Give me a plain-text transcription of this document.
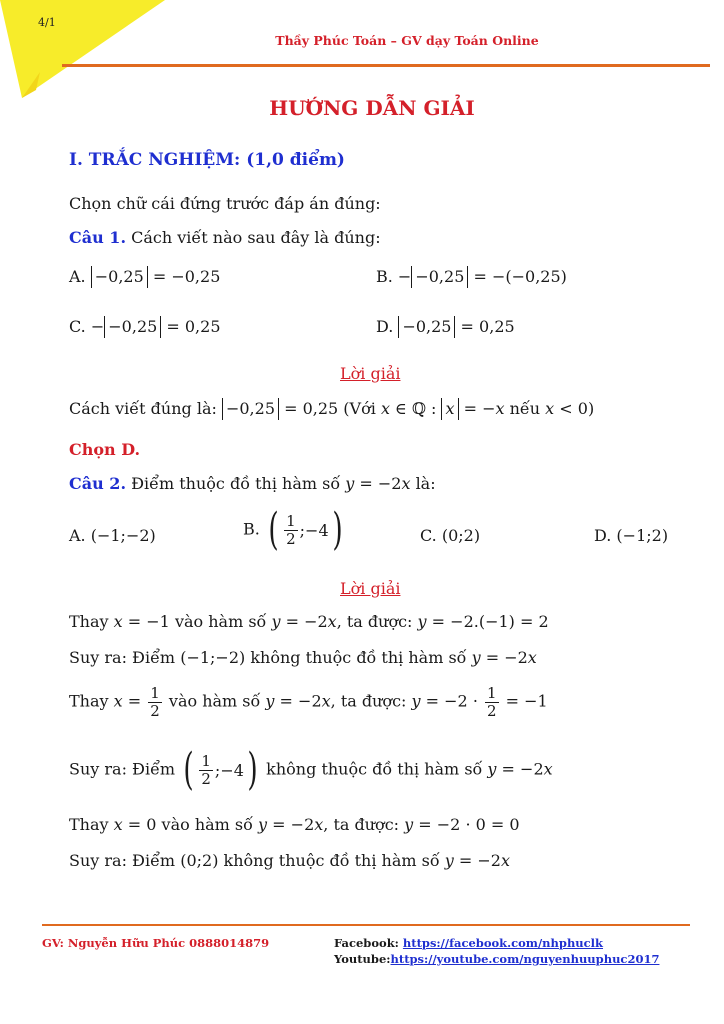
4/1
Thầy Phúc Toán – GV dạy Toán Online
HƯỚNG DẪN GIẢI
I. TRẮC NGHIỆM: (1,0 điểm)
Chọn chữ cái đứng trước đáp án đúng:
Câu 1. Cách viết nào sau đây là đúng:
A. −0,25 = −0,25	B. − −0,25 = −(−0,25)
C. − −0,25 = 0,25	D. −0,25 = 0,25
Lời giải
Cách viết đúng là: −0,25 = 0,25 (Với x ∈ ℚ : x = −x nếu x < 0)
Chọn D.
Câu 2. Điểm thuộc đồ thị hàm số y = −2x là:
A. (−1;−2)	B. ( $\frac{1}{2}$ ;−4 )	C. (0;2)	D. (−1;2)
Lời giải
Thay x = −1 vào hàm số y = −2x, ta được: y = −2.(−1) = 2
Suy ra: Điểm (−1;−2) không thuộc đồ thị hàm số y = −2x
Thay $x = \frac{1}{2}$ vào hàm số y = −2x, ta được: $y = -2 \cdot \frac{1}{2} = -1$
Suy ra: Điểm ( $\frac{1}{2}$ ;−4 ) không thuộc đồ thị hàm số y = −2x
Thay x = 0 vào hàm số y = −2x, ta được: y = −2 · 0 = 0
Suy ra: Điểm (0;2) không thuộc đồ thị hàm số y = −2x
GV: Nguyễn Hữu Phúc 0888014879	Facebook: https://facebook.com/nhphuclk
Youtube:https://youtube.com/nguyenhuuphuc2017
